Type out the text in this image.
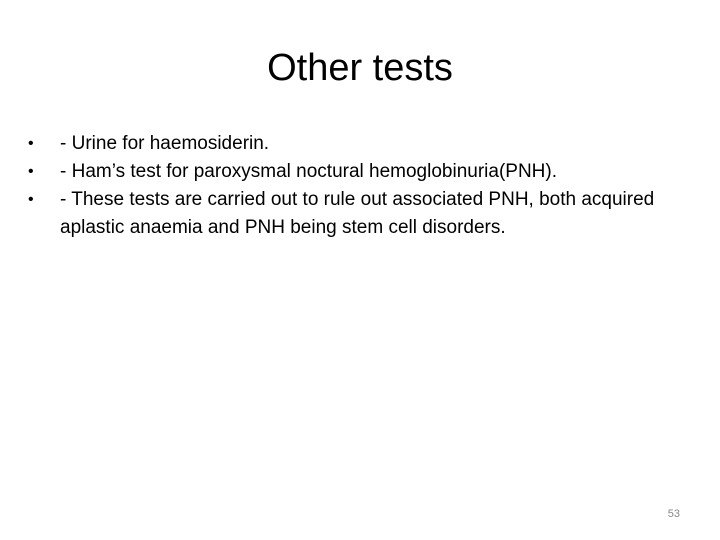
Other tests
•	- Urine for haemosiderin.
•	- Ham’s test for paroxysmal noctural hemoglobinuria(PNH).
•	- These tests are carried out to rule out associated PNH, both acquired aplastic anaemia and PNH being stem cell disorders.
53
